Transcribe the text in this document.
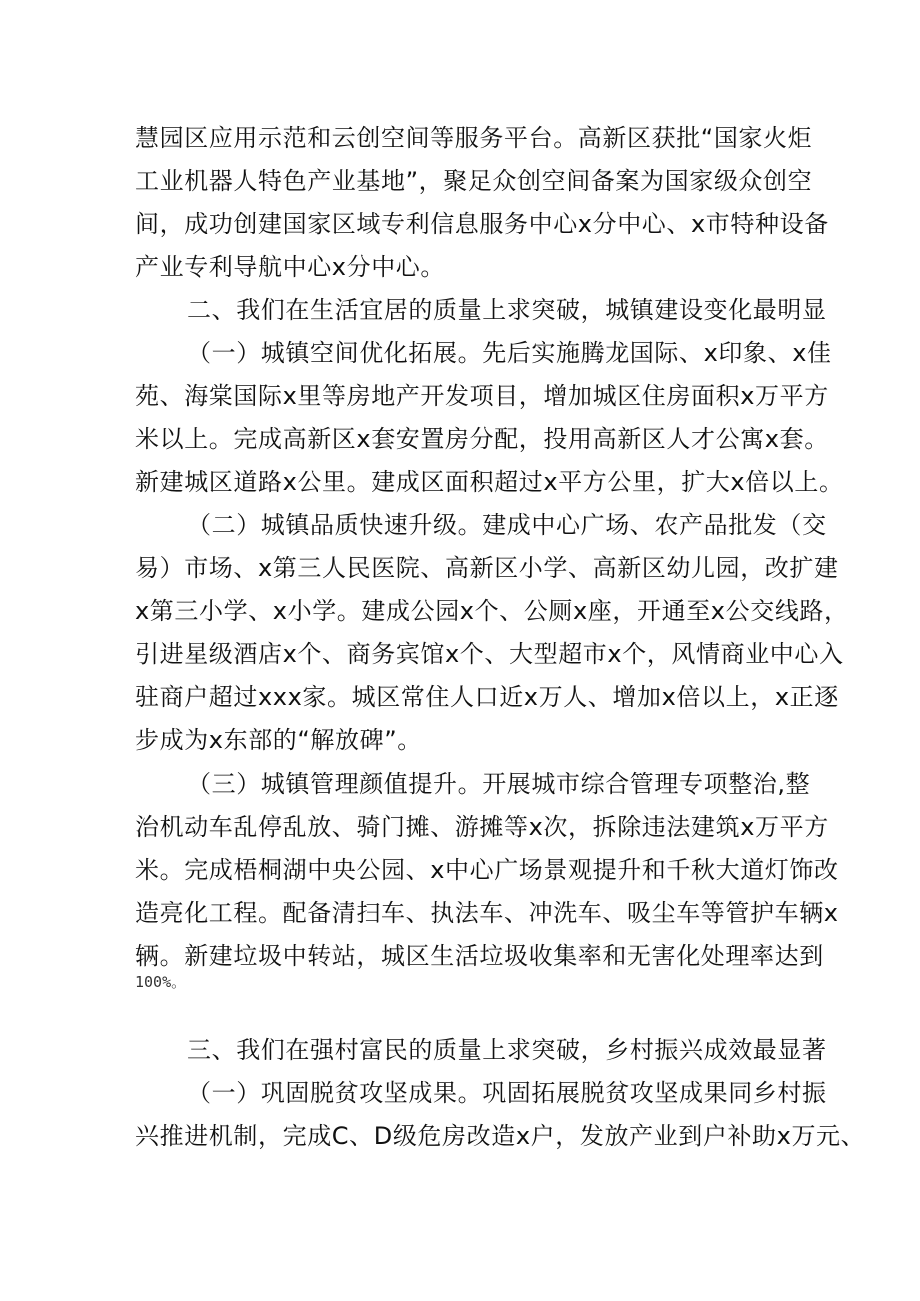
慧园区应用示范和云创空间等服务平台。高新区获批“国家火炬
工业机器人特色产业基地”，聚足众创空间备案为国家级众创空
间，成功创建国家区域专利信息服务中心x分中心、x市特种设备
产业专利导航中心x分中心。
二、我们在生活宜居的质量上求突破，城镇建设变化最明显
（一）城镇空间优化拓展。先后实施腾龙国际、x印象、x佳
苑、海棠国际x里等房地产开发项目，增加城区住房面积x万平方
米以上。完成高新区x套安置房分配，投用高新区人才公寓x套。
新建城区道路x公里。建成区面积超过x平方公里，扩大x倍以上。
（二）城镇品质快速升级。建成中心广场、农产品批发（交
易）市场、x第三人民医院、高新区小学、高新区幼儿园，改扩建
x第三小学、x小学。建成公园x个、公厕x座，开通至x公交线路，
引进星级酒店x个、商务宾馆x个、大型超市x个，风情商业中心入
驻商户超过xxx家。城区常住人口近x万人、增加x倍以上，x正逐
步成为x东部的“解放碑”。
（三）城镇管理颜值提升。开展城市综合管理专项整治,整
治机动车乱停乱放、骑门摊、游摊等x次，拆除违法建筑x万平方
米。完成梧桐湖中央公园、x中心广场景观提升和千秋大道灯饰改
造亮化工程。配备清扫车、执法车、冲洗车、吸尘车等管护车辆x
辆。新建垃圾中转站，城区生活垃圾收集率和无害化处理率达到
100%。
三、我们在强村富民的质量上求突破，乡村振兴成效最显著
（一）巩固脱贫攻坚成果。巩固拓展脱贫攻坚成果同乡村振
兴推进机制，完成C、D级危房改造x户，发放产业到户补助x万元、
